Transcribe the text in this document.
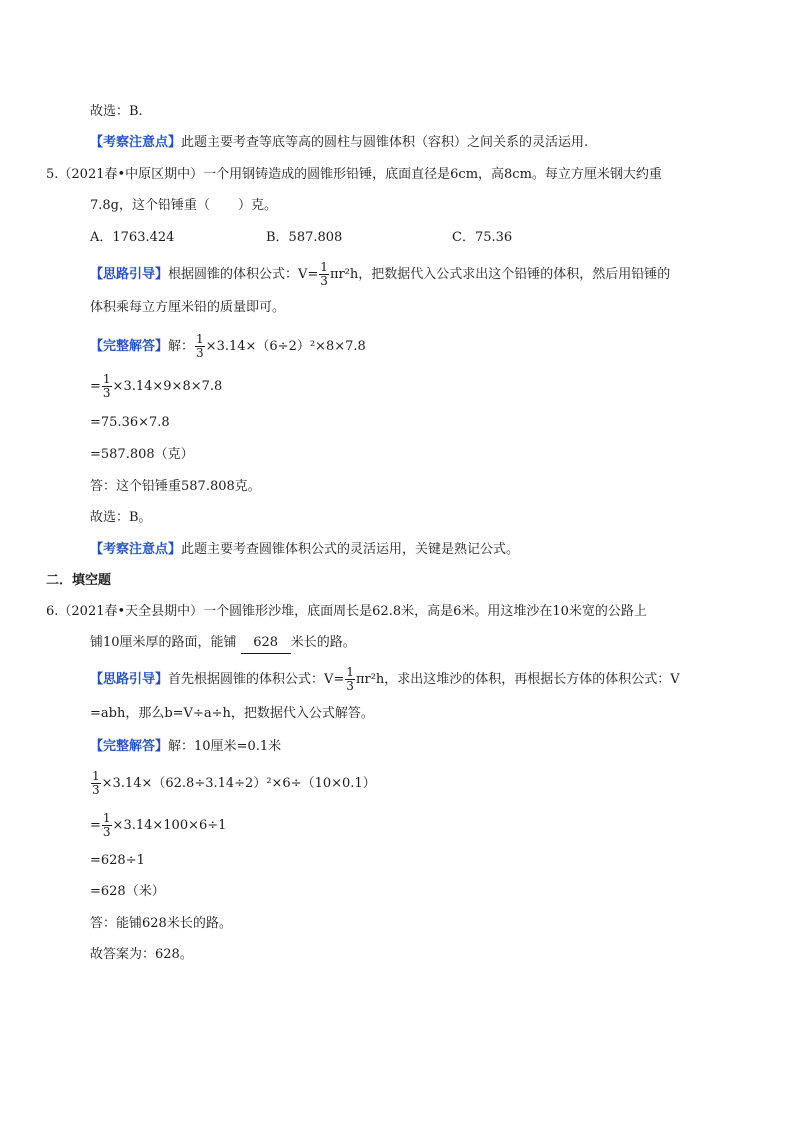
故选：B.
【考察注意点】此题主要考查等底等高的圆柱与圆锥体积（容积）之间关系的灵活运用.
5.（2021春•中原区期中）一个用钢铸造成的圆锥形铅锤，底面直径是6cm，高8cm。每立方厘米钢大约重
7.8g，这个铅锤重（ ）克。
A．1763.424	B．587.808	C．75.36
【思路引导】根据圆锥的体积公式：$V= \frac{1}{3} \pi r^2h$，把数据代入公式求出这个铅锤的体积，然后用铅锤的
体积乘每立方厘米铅的质量即可。
【完整解答】解： $\frac{1}{3} \times 3.14\times(6\div 2)^2\times 8\times 7.8$
= $\frac{1}{3} \times 3.14\times 9\times 8\times 7.8$
=75.36×7.8
=587.808（克）
答：这个铅锤重587.808克。
故选：B。
【考察注意点】此题主要考查圆锥体积公式的灵活运用，关键是熟记公式。
二．填空题
6.（2021春•天全县期中）一个圆锥形沙堆，底面周长是62.8米，高是6米。用这堆沙在10米宽的公路上
铺10厘米厚的路面，能铺 628 米长的路。
【思路引导】首先根据圆锥的体积公式：$V= \frac{1}{3} \pi r^2h$，求出这堆沙的体积，再根据长方体的体积公式：V
=abh，那么b=V÷a÷h，把数据代入公式解答。
【完整解答】解：10厘米=0.1米
$\frac{1}{3} \times 3.14\times(62.8\div 3.14\div 2)^2\times 6\div(10\times 0.1)$
= $\frac{1}{3} \times 3.14\times 100\times 6\div 1$
=628÷1
=628（米）
答：能铺628米长的路。
故答案为：628。
